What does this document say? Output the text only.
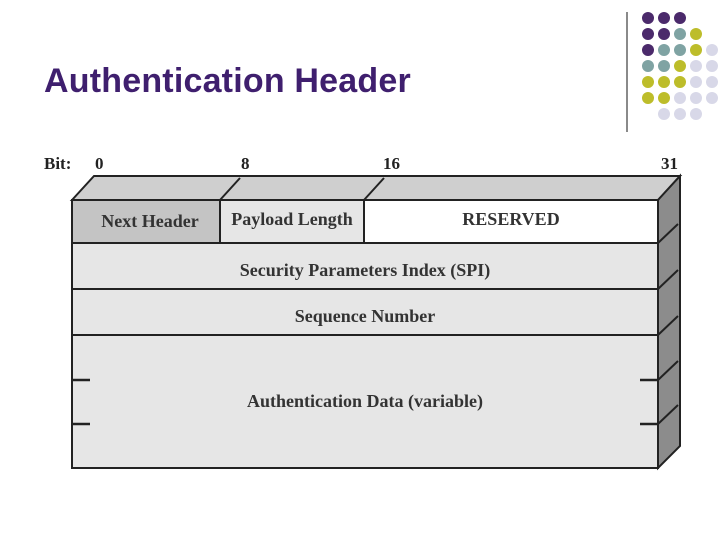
Authentication Header
Bit: 0	8	16	31
Next Header	Payload Length	RESERVED
Security Parameters Index (SPI)
Sequence Number
Authentication Data (variable)
